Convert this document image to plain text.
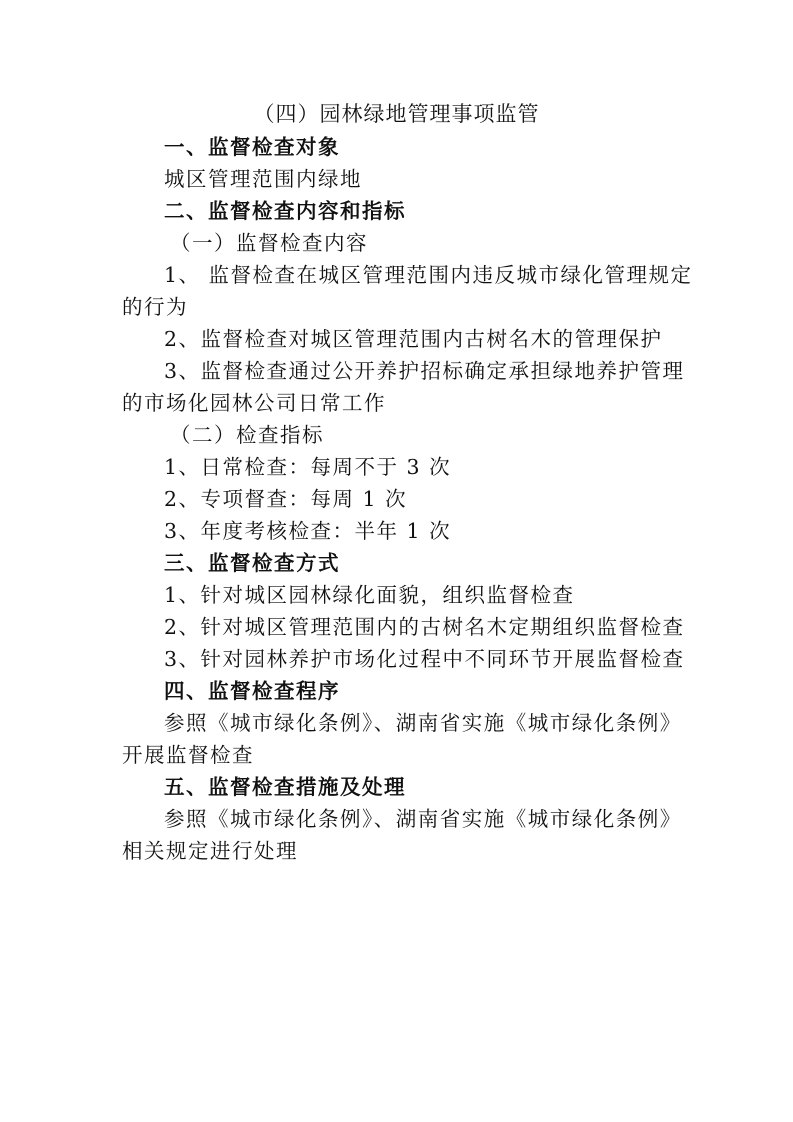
（四）园林绿地管理事项监管
一、监督检查对象
城区管理范围内绿地
二、监督检查内容和指标
（一）监督检查内容
1、 监督检查在城区管理范围内违反城市绿化管理规定
的行为
2、监督检查对城区管理范围内古树名木的管理保护
3、监督检查通过公开养护招标确定承担绿地养护管理
的市场化园林公司日常工作
（二）检查指标
1、日常检查：每周不于 3 次
2、专项督查：每周 1 次
3、年度考核检查：半年 1 次
三、监督检查方式
1、针对城区园林绿化面貌，组织监督检查
2、针对城区管理范围内的古树名木定期组织监督检查
3、针对园林养护市场化过程中不同环节开展监督检查
四、监督检查程序
参照《城市绿化条例》、湖南省实施《城市绿化条例》
开展监督检查
五、监督检查措施及处理
参照《城市绿化条例》、湖南省实施《城市绿化条例》
相关规定进行处理
